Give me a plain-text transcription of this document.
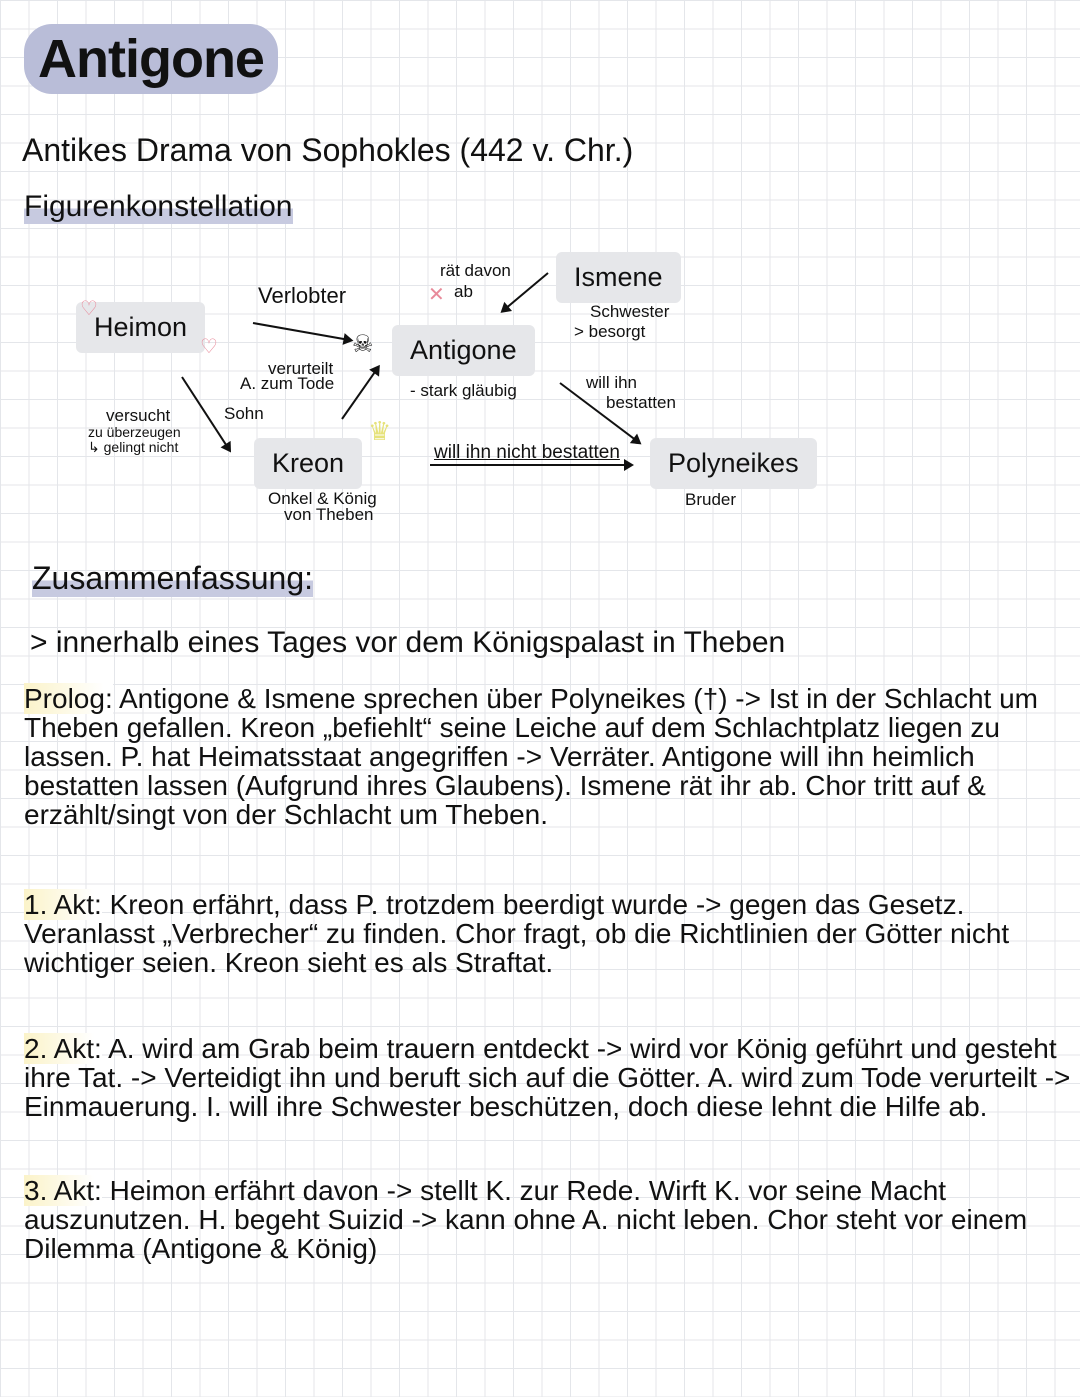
Antigone
Antikes Drama von Sophokles (442 v. Chr.)
Figurenkonstellation
Heimon
♡
♡	Antigone
- stark gläubig
☠
Ismene
Schwester
> besorgt
Kreon
♛
Onkel & König
von Theben
Polyneikes
Bruder
Verlobter
rät davon
✕ ab
verurteilt
A. zum Tode
Sohn
versucht
zu überzeugen
↳ gelingt nicht
will ihn
bestatten
will ihn nicht bestatten
Zusammenfassung:
> innerhalb eines Tages vor dem Königspalast in Theben
Prolog: Antigone & Ismene sprechen über Polyneikes (†) -> Ist in der Schlacht um Theben gefallen. Kreon „befiehlt“ seine Leiche auf dem Schlachtplatz liegen zu lassen. P. hat Heimatsstaat angegriffen -> Verräter. Antigone will ihn heimlich bestatten lassen (Aufgrund ihres Glaubens). Ismene rät ihr ab. Chor tritt auf & erzählt/singt von der Schlacht um Theben.
1. Akt: Kreon erfährt, dass P. trotzdem beerdigt wurde -> gegen das Gesetz. Veranlasst „Verbrecher“ zu finden. Chor fragt, ob die Richtlinien der Götter nicht wichtiger seien. Kreon sieht es als Straftat.
2. Akt: A. wird am Grab beim trauern entdeckt -> wird vor König geführt und gesteht ihre Tat. -> Verteidigt ihn und beruft sich auf die Götter. A. wird zum Tode verurteilt -> Einmauerung. I. will ihre Schwester beschützen, doch diese lehnt die Hilfe ab.
3. Akt: Heimon erfährt davon -> stellt K. zur Rede. Wirft K. vor seine Macht auszunutzen. H. begeht Suizid -> kann ohne A. nicht leben. Chor steht vor einem Dilemma (Antigone & König)
